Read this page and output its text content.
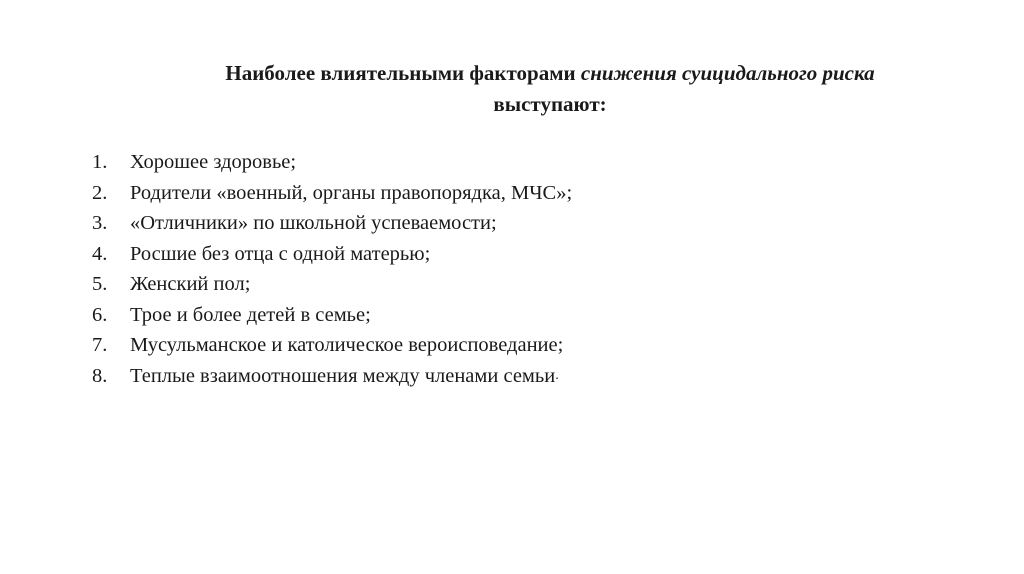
Наиболее влиятельными факторами снижения суицидального риска
выступают:
1.	Хорошее здоровье;
2.	Родители «военный, органы правопорядка, МЧС»;
3.	«Отличники» по школьной успеваемости;
4.	Росшие без отца с одной матерью;
5.	Женский пол;
6.	Трое и более детей в семье;
7.	Мусульманское и католическое вероисповедание;
8.	Теплые взаимоотношения между членами семьи .
